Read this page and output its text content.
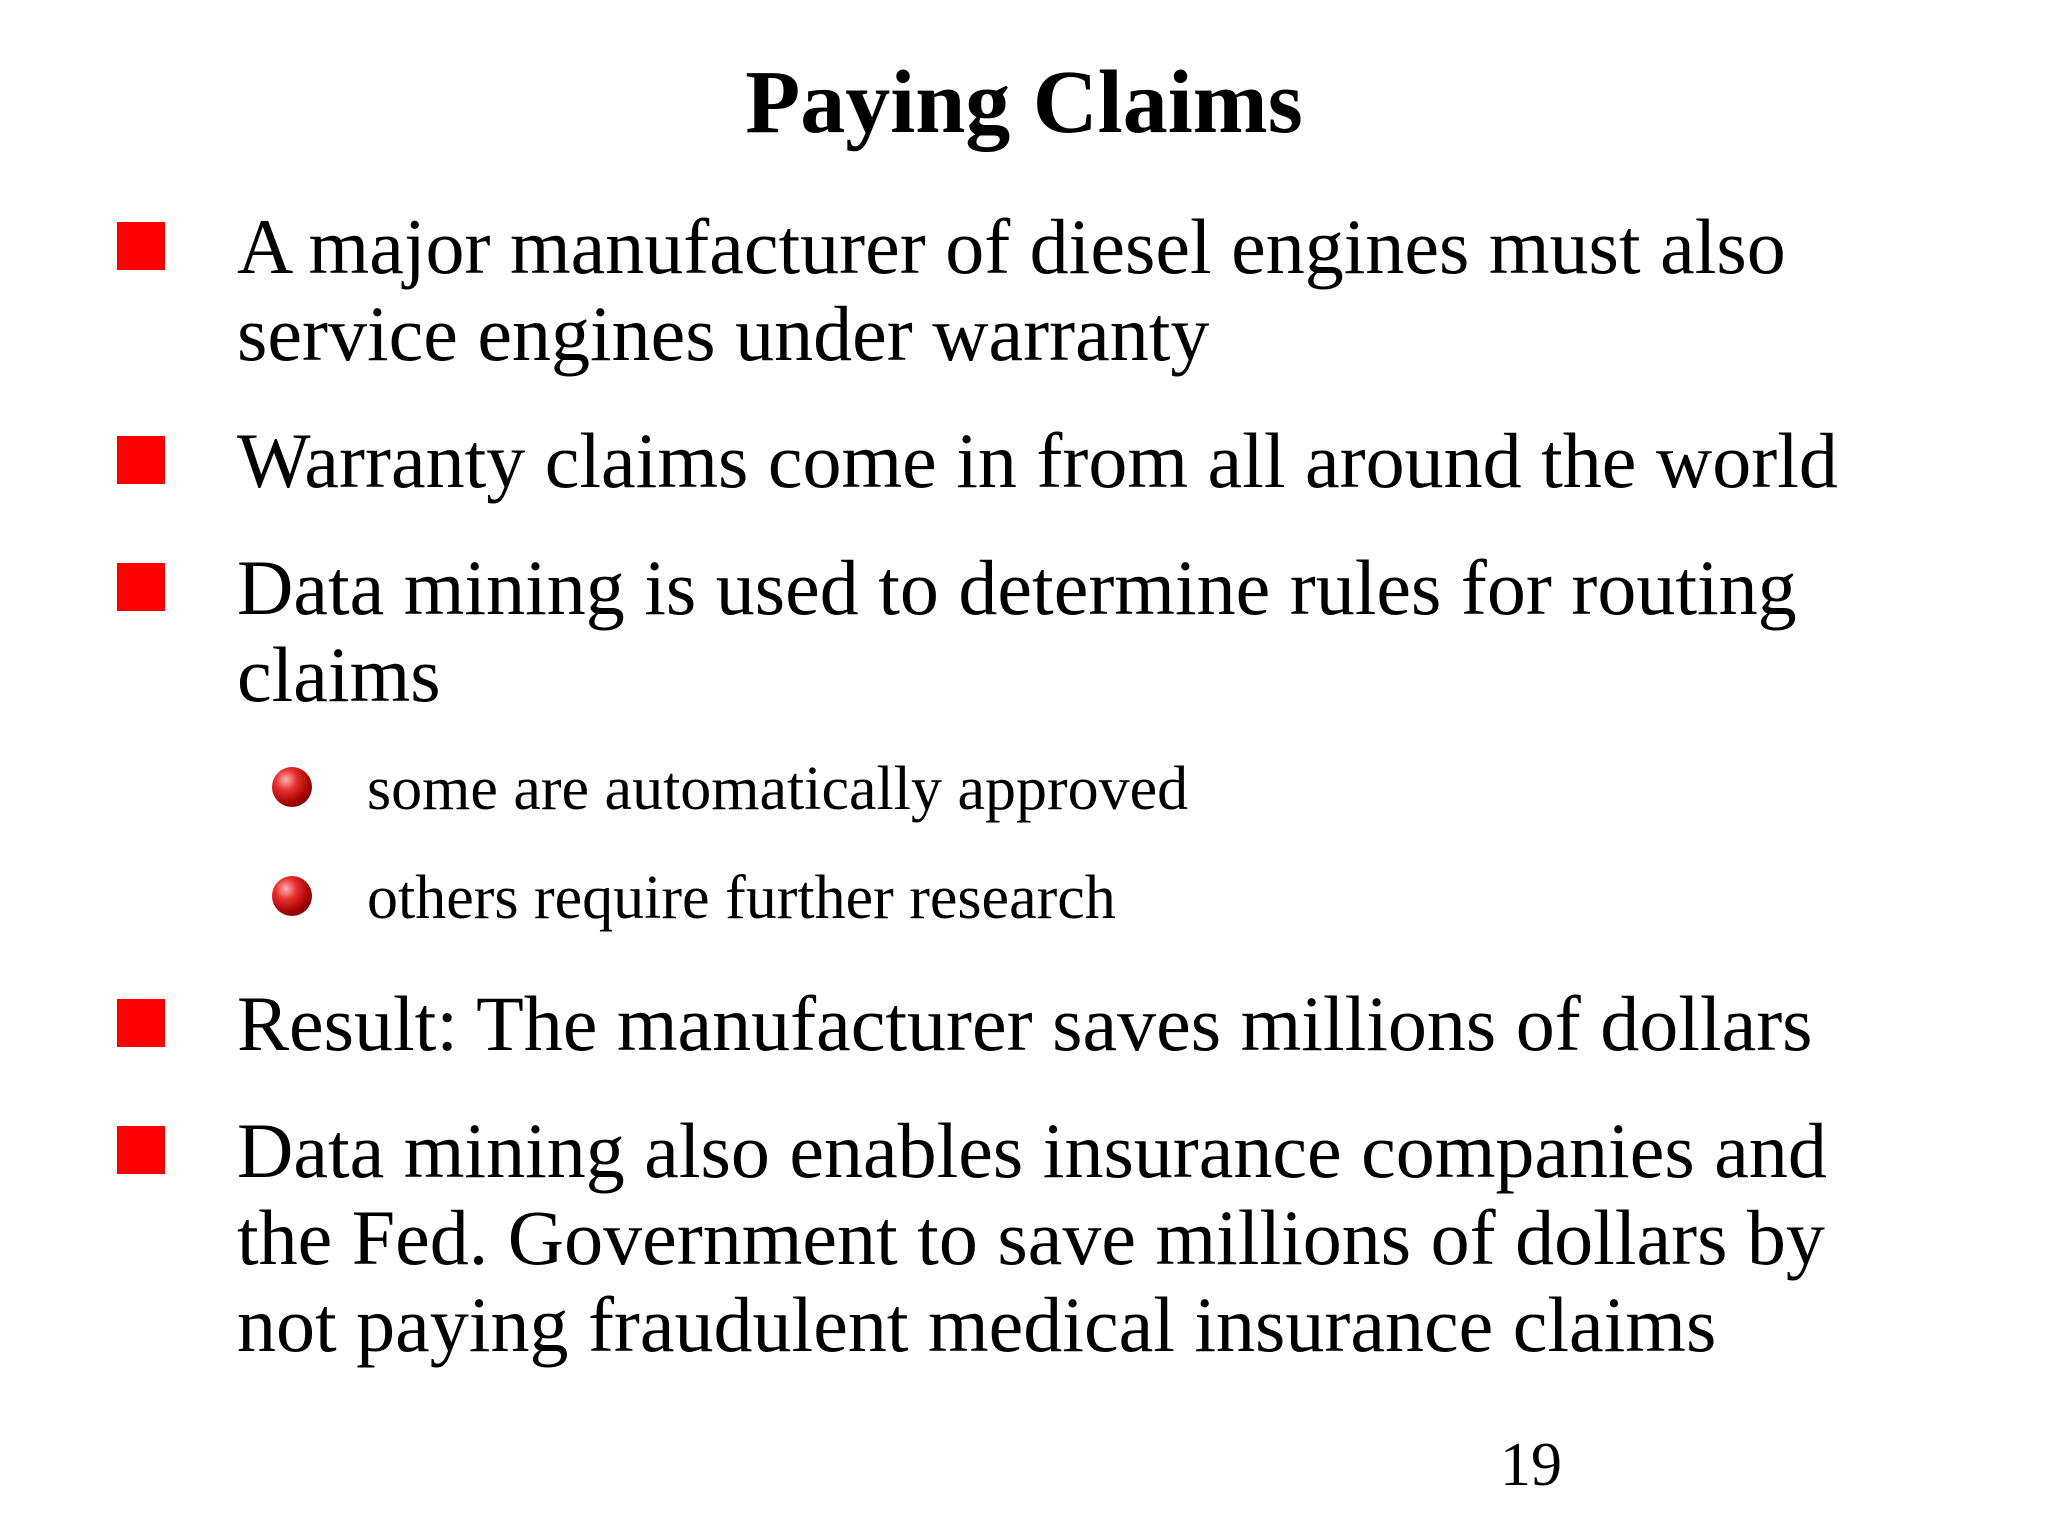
Paying Claims
A major manufacturer of diesel engines must also
service engines under warranty
Warranty claims come in from all around the world
Data mining is used to determine rules for routing
claims
some are automatically approved
others require further research
Result: The manufacturer saves millions of dollars
Data mining also enables insurance companies and
the Fed. Government to save millions of dollars by
not paying fraudulent medical insurance claims
19
